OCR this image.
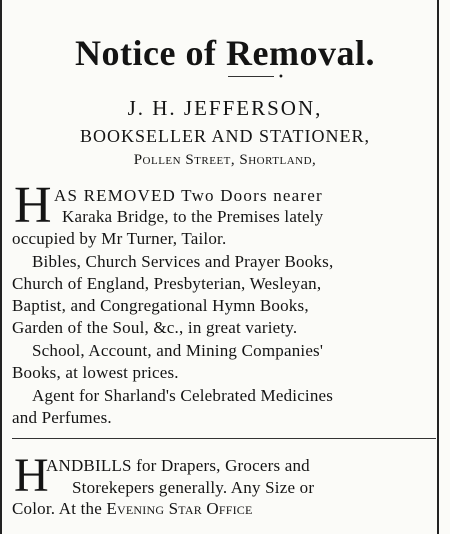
Notice of Removal.
•
J. H. JEFFERSON,
BOOKSELLER AND STATIONER,
Pollen Street, Shortland,
H AS REMOVED Two Doors nearer
Karaka Bridge, to the Premises lately
occupied by Mr Turner, Tailor.
Bibles, Church Services and Prayer Books,
Church of England, Presbyterian, Wesleyan,
Baptist, and Congregational Hymn Books,
Garden of the Soul, &c., in great variety.
School, Account, and Mining Companies'
Books, at lowest prices.
Agent for Sharland's Celebrated Medicines
and Perfumes.
H
ANDBILLS for Drapers, Grocers and
Storekepers generally. Any Size or
Color. At the Evening Star Office
